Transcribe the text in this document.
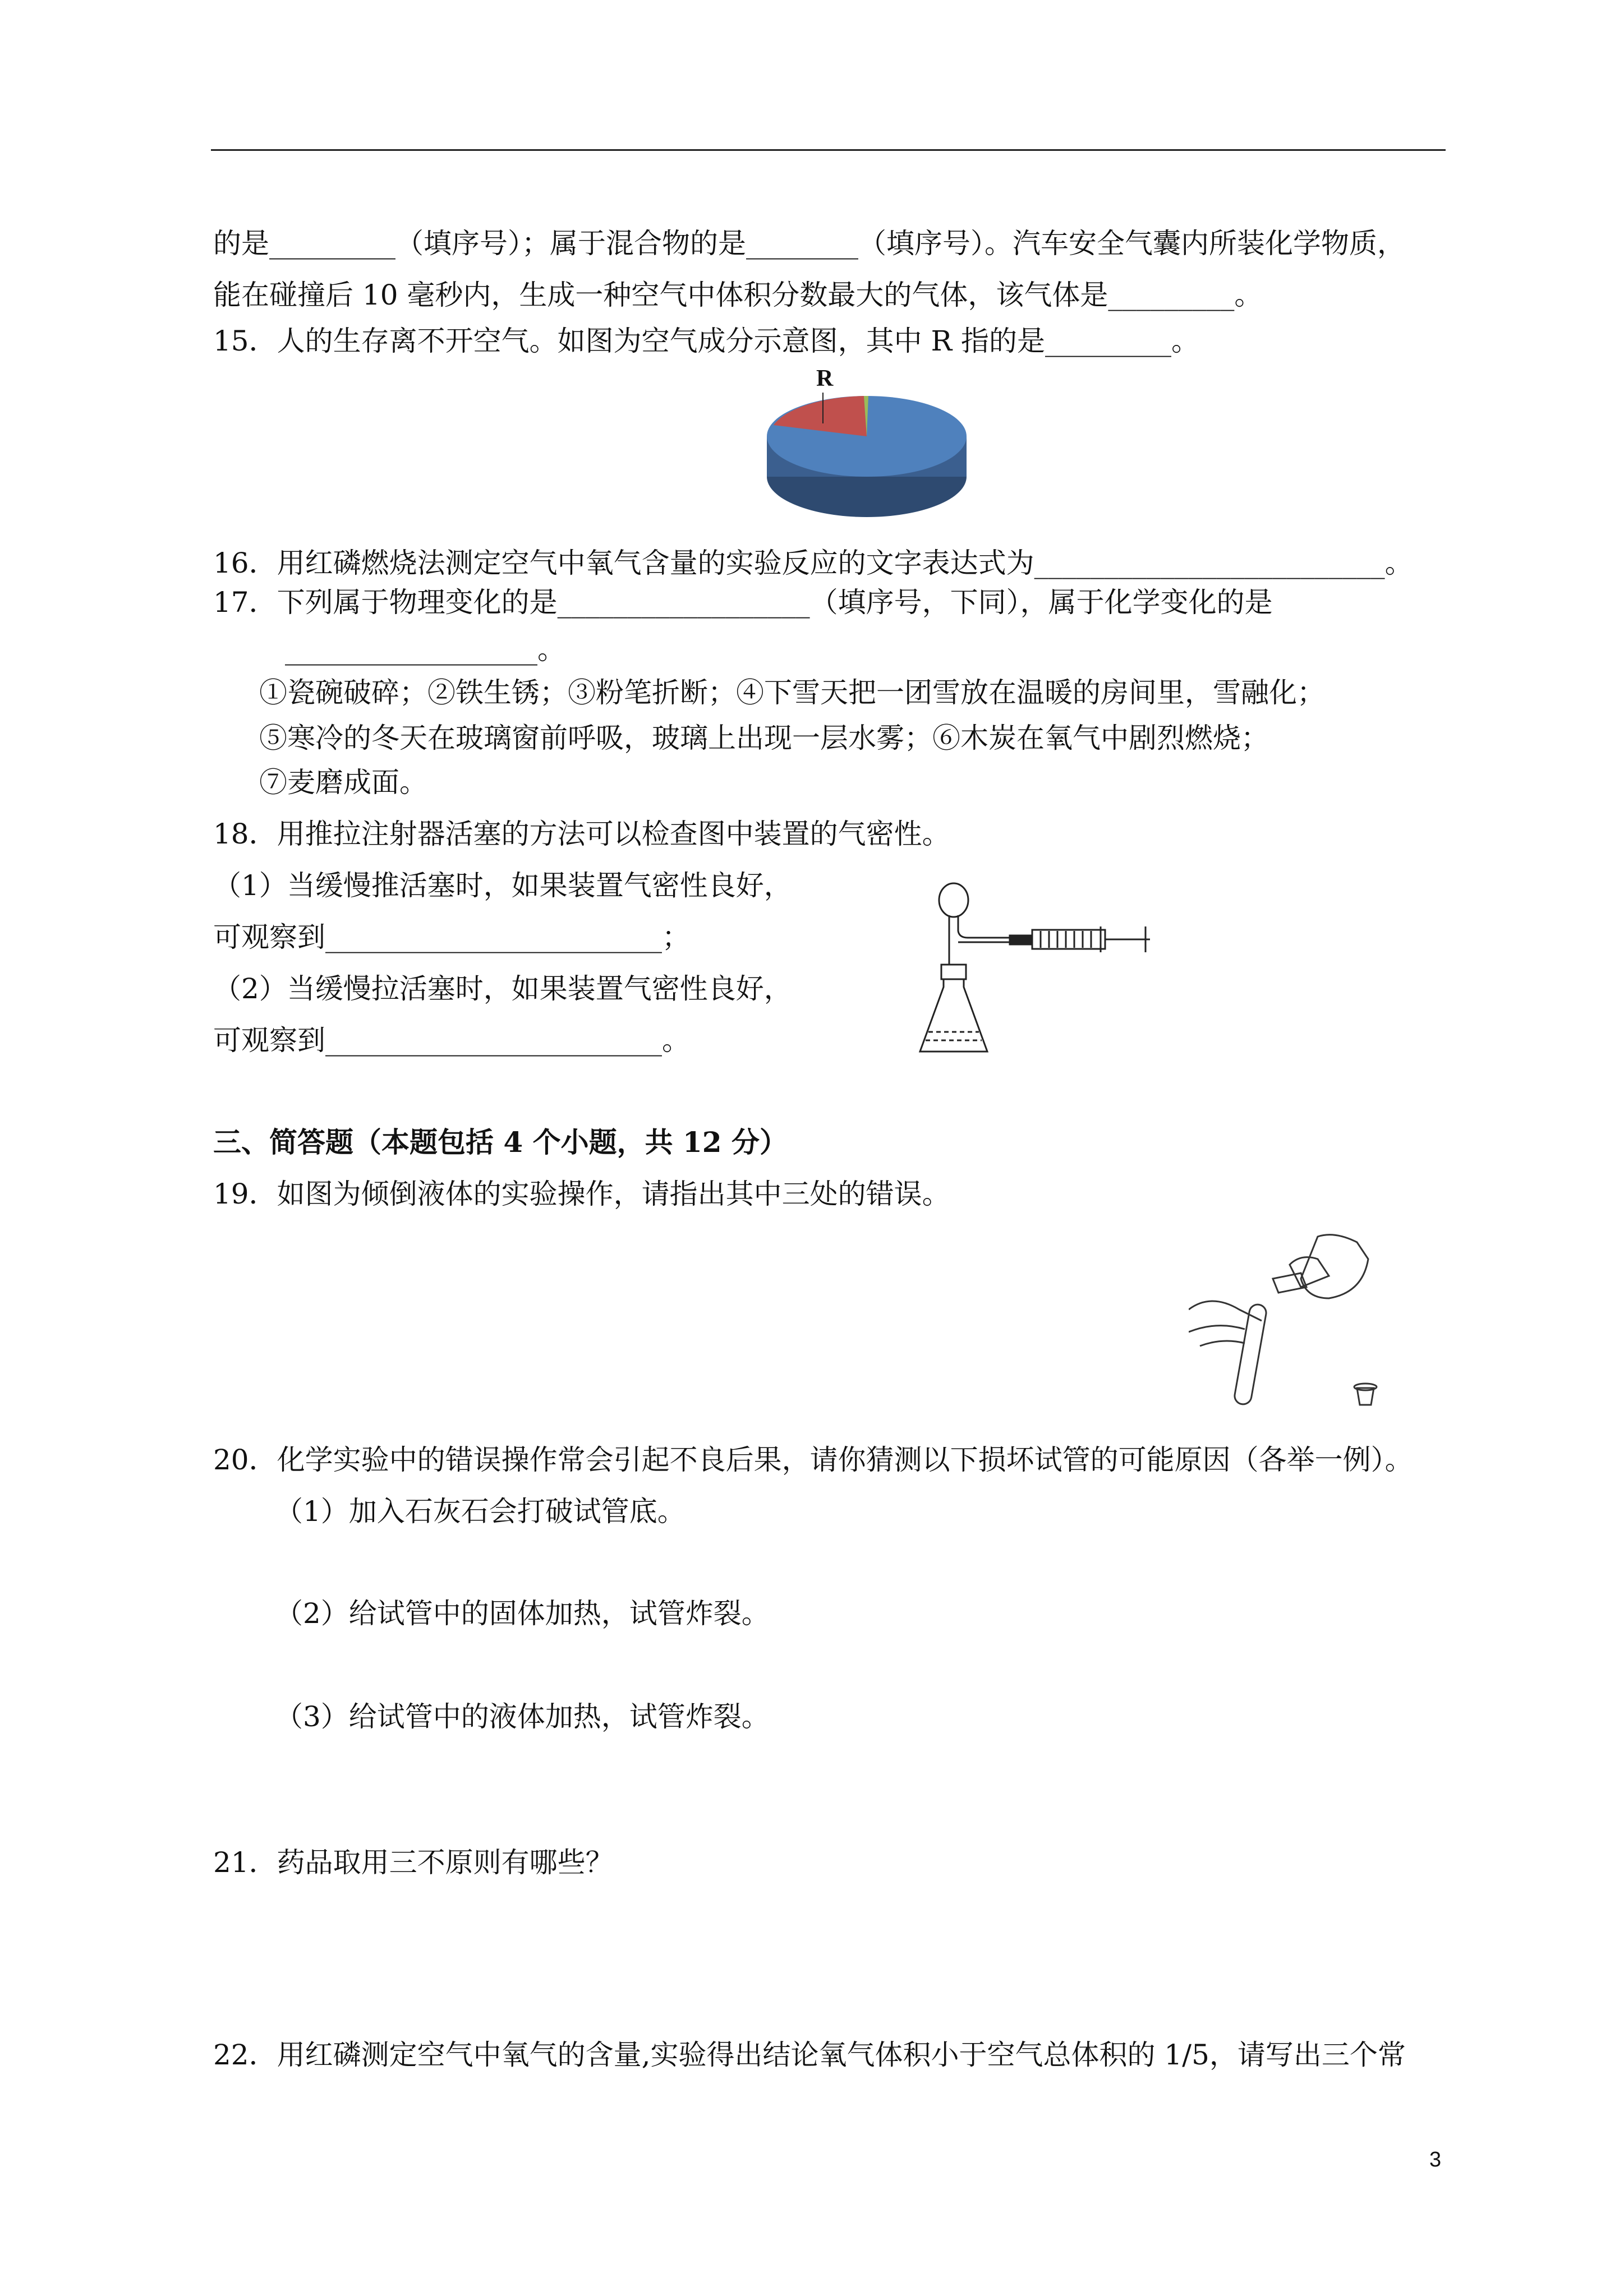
的是_________（填序号）；属于混合物的是________（填序号）。汽车安全气囊内所装化学物质，
能在碰撞后 10 毫秒内，生成一种空气中体积分数最大的气体，该气体是_________。
15．人的生存离不开空气。如图为空气成分示意图，其中 R 指的是_________。
R
16．用红磷燃烧法测定空气中氧气含量的实验反应的文字表达式为_________________________。
17．下列属于物理变化的是__________________（填序号，下同），属于化学变化的是
__________________。
①瓷碗破碎；②铁生锈；③粉笔折断；④下雪天把一团雪放在温暖的房间里，雪融化；
⑤寒冷的冬天在玻璃窗前呼吸，玻璃上出现一层水雾；⑥木炭在氧气中剧烈燃烧；
⑦麦磨成面。
18．用推拉注射器活塞的方法可以检查图中装置的气密性。
（1）当缓慢推活塞时，如果装置气密性良好，
可观察到________________________；
（2）当缓慢拉活塞时，如果装置气密性良好，
可观察到________________________。
三、简答题（本题包括 4 个小题，共 12 分）
19．如图为倾倒液体的实验操作，请指出其中三处的错误。
20．化学实验中的错误操作常会引起不良后果，请你猜测以下损坏试管的可能原因（各举一例）。
（1）加入石灰石会打破试管底。
（2）给试管中的固体加热，试管炸裂。
（3）给试管中的液体加热，试管炸裂。
21．药品取用三不原则有哪些？
22．用红磷测定空气中氧气的含量,实验得出结论氧气体积小于空气总体积的 1/5，请写出三个常
3
